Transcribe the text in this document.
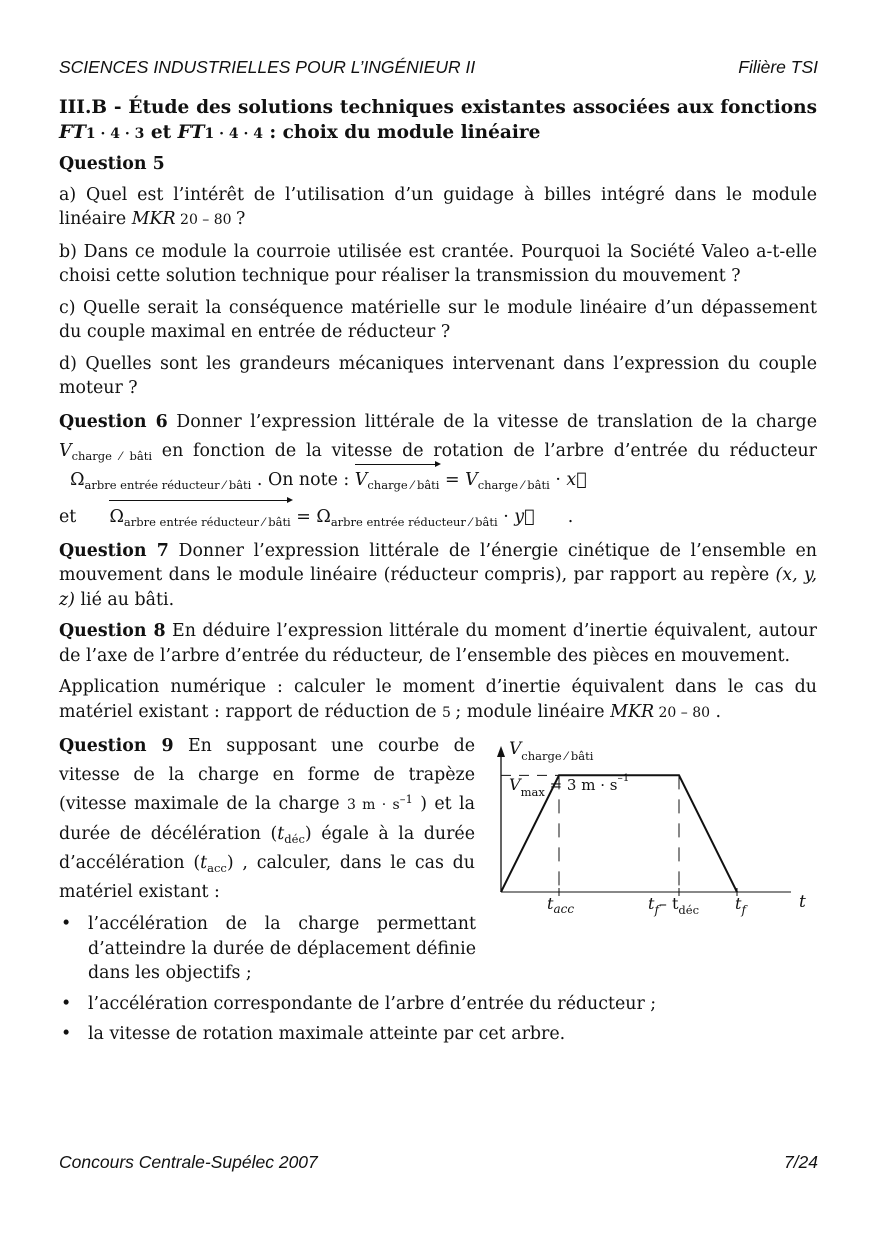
SCIENCES INDUSTRIELLES POUR L’INGÉNIEUR II	Filière TSI

III.B - Étude des solutions techniques existantes associées aux fonctions FT1 · 4 · 3 et FT1 · 4 · 4 : choix du module linéaire

Question 5

a) Quel est l’intérêt de l’utilisation d’un guidage à billes intégré dans le module linéaire MKR 20 – 80 ?

b) Dans ce module la courroie utilisée est crantée. Pourquoi la Société Valeo a-t-elle choisi cette solution technique pour réaliser la transmission du mouvement ?

c) Quelle serait la conséquence matérielle sur le module linéaire d’un dépassement du couple maximal en entrée de réducteur ?

d) Quelles sont les grandeurs mécaniques intervenant dans l’expression du couple moteur ?

Question 6 Donner l’expression littérale de la vitesse de translation de la charge $V_{charge ⁄ bâti}$ en fonction de la vitesse de rotation de l’arbre d’entrée du réducteur   $\Omega_{arbre entrée réducteur ⁄ bâti}$ . On note : $V_{charge ⁄ bâti} = V_{charge ⁄ bâti} \cdot x$ ⃗

et      $\Omega_{arbre entrée réducteur ⁄ bâti} = \Omega_{arbre entrée réducteur ⁄ bâti} \cdot y$ ⃗      .

Question 7 Donner l’expression littérale de l’énergie cinétique de l’ensemble en mouvement dans le module linéaire (réducteur compris), par rapport au repère (x, y, z) lié au bâti.

Question 8 En déduire l’expression littérale du moment d’inertie équivalent, autour de l’axe de l’arbre d’entrée du réducteur, de l’ensemble des pièces en mouvement.

Application numérique : calculer le moment d’inertie équivalent dans le cas du matériel existant : rapport de réduction de 5 ; module linéaire MKR 20 – 80 .

Question 9 En supposant une courbe de vitesse de la charge en forme de trapèze (vitesse maximale de la charge 3 $m \cdot s^{-1}$ ) et la durée de décélération $(t_{déc})$ égale à la durée d’accélération $(t_{acc})$ , calculer, dans le cas du matériel existant :

$V_{charge ⁄ bâti}$
$V_{max} = 3$ $m \cdot s^{-1}$
$t_{acc}$	$t_f-$ $t_{déc}$ $t_f$	t
• l’accélération de la charge permettant d’atteindre la durée de déplacement définie dans les objectifs ;
• l’accélération correspondante de l’arbre d’entrée du réducteur ;
• la vitesse de rotation maximale atteinte par cet arbre.
Concours Centrale-Supélec 2007	7/24
